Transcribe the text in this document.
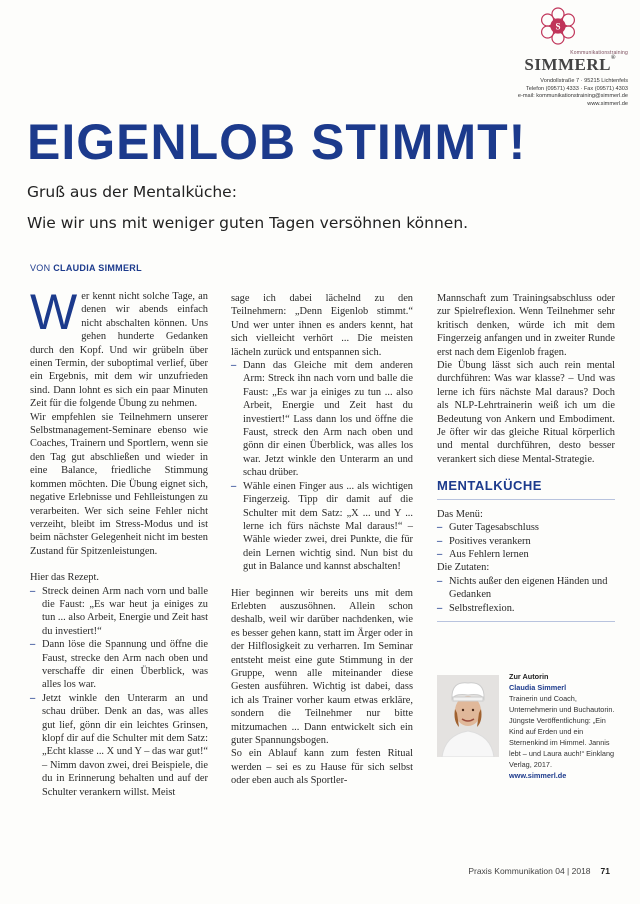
S
Kommunikationstraining
SIMMERL®
Vondollstraße 7 · 95215 Lichtenfels
Telefon (09571) 4333 · Fax (09571) 4303
e-mail: kommunikationstraining@simmerl.de
www.simmerl.de
EIGENLOB STIMMT!
Gruß aus der Mentalküche:
Wie wir uns mit weniger guten Tagen versöhnen können.
VON CLAUDIA SIMMERL

Wer kennt nicht solche Tage, an denen wir abends einfach nicht abschalten können. Uns gehen hunderte Gedanken durch den Kopf. Und wir grübeln über einen Termin, der suboptimal verlief, über ein Ergebnis, mit dem wir unzufrieden sind. Dann lohnt es sich ein paar Minuten Zeit für die folgende Übung zu nehmen.

Wir empfehlen sie Teilnehmern unserer Selbstmanagement-Seminare ebenso wie Coaches, Trainern und Sportlern, wenn sie den Tag gut abschließen und wieder in eine Balance, friedliche Stimmung kommen möchten. Die Übung eignet sich, negative Erlebnisse und Fehlleistungen zu verarbeiten. Wer sich seine Fehler nicht verzeiht, bleibt im Stress-Modus und ist beim nächster Gelegenheit nicht im besten Zustand für Spitzenleistungen.

Hier das Rezept.

– Streck deinen Arm nach vorn und balle die Faust: „Es war heut ja einiges zu tun ... also Arbeit, Energie und Zeit hast du investiert!“
– Dann löse die Spannung und öffne die Faust, strecke den Arm nach oben und verschaffe dir einen Überblick, was alles los war.
– Jetzt winkle den Unterarm an und schau drüber. Denk an das, was alles gut lief, gönn dir ein leichtes Grinsen, klopf dir auf die Schulter mit dem Satz: „Echt klasse ... X und Y – das war gut!“ – Nimm davon zwei, drei Beispiele, die du in Erinnerung behalten und auf der Schulter verankern willst. Meist

sage ich dabei lächelnd zu den Teilnehmern: „Denn Eigenlob stimmt.“ Und wer unter ihnen es anders kennt, hat sich vielleicht verhört ... Die meisten lächeln zurück und entspannen sich.

– Dann das Gleiche mit dem anderen Arm: Streck ihn nach vorn und balle die Faust: „Es war ja einiges zu tun ... also Arbeit, Energie und Zeit hast du investiert!“ Lass dann los und öffne die Faust, streck den Arm nach oben und gönn dir einen Überblick, was alles los war. Jetzt winkle den Unterarm an und schau drüber.
– Wähle einen Finger aus ... als wichtigen Fingerzeig. Tipp dir damit auf die Schulter mit dem Satz: „X ... und Y ... lerne ich fürs nächste Mal daraus!“ – Wähle wieder zwei, drei Punkte, die für dein Lernen wichtig sind. Nun bist du gut in Balance und kannst abschalten!

Hier beginnen wir bereits uns mit dem Erlebten auszusöhnen. Allein schon deshalb, weil wir darüber nachdenken, wie es besser gehen kann, statt im Ärger oder in der Hilflosigkeit zu verharren. Im Seminar entsteht meist eine gute Stimmung in der Gruppe, wenn alle miteinander diese Gesten ausführen. Wichtig ist dabei, dass ich als Trainer vorher kaum etwas erkläre, sondern die Teilnehmer nur bitte mitzumachen ... Dann entwickelt sich ein guter Spannungsbogen.

So ein Ablauf kann zum festen Ritual werden – sei es zu Hause für sich selbst oder eben auch als Sportler-

Mannschaft zum Trainingsabschluss oder zur Spielreflexion. Wenn Teilnehmer sehr kritisch denken, würde ich mit dem Fingerzeig anfangen und in zweiter Runde erst nach dem Eigenlob fragen.

Die Übung lässt sich auch rein mental durchführen: Was war klasse? – Und was lerne ich fürs nächste Mal daraus? Doch als NLP-Lehrtrainerin weiß ich um die Bedeutung von Ankern und Embodiment. Je öfter wir das gleiche Ritual körperlich und mental durchführen, desto besser verankert sich diese Mental-Strategie.

MENTALKÜCHE

Das Menü:

– Guter Tagesabschluss
– Positives verankern
– Aus Fehlern lernen

Die Zutaten:

– Nichts außer den eigenen Händen und Gedanken
– Selbstreflexion.
Zur Autorin
Claudia Simmerl
Trainerin und Coach, Unternehmerin und Buchautorin. Jüngste Veröffentlichung: „Ein Kind auf Erden und ein Sternenkind im Himmel. Jannis lebt – und Laura auch!“ Einklang Verlag, 2017.
www.simmerl.de
Praxis Kommunikation 04 | 2018 71
